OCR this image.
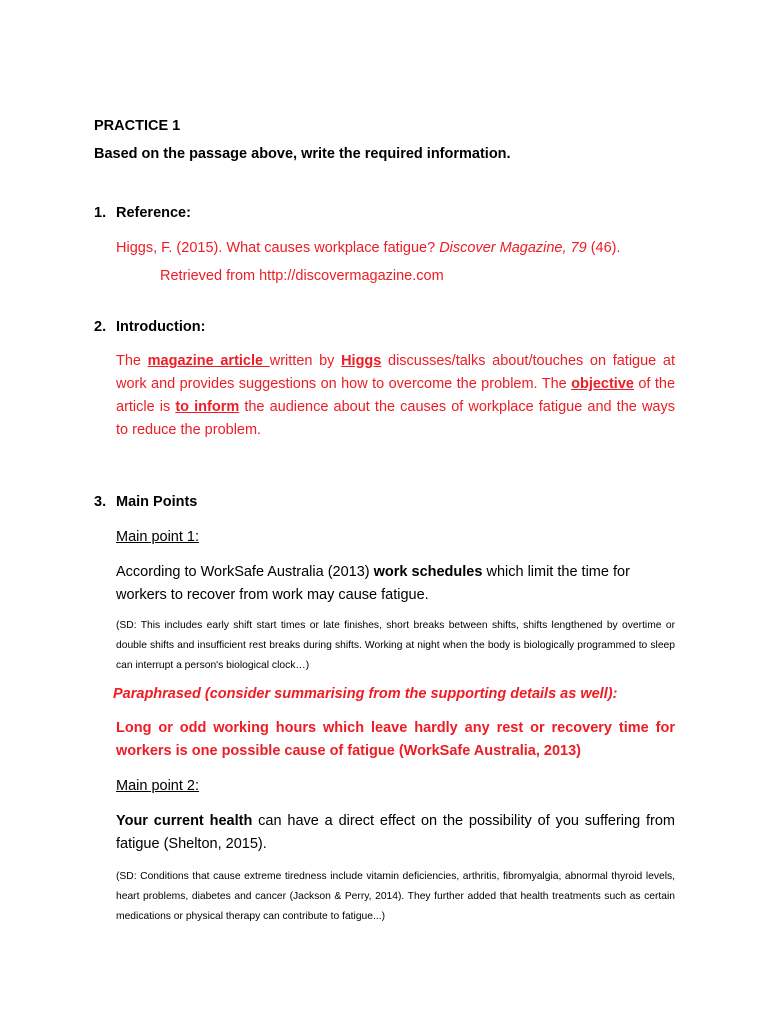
PRACTICE 1
Based on the passage above, write the required information.
1. Reference:
Higgs, F. (2015). What causes workplace fatigue? Discover Magazine, 79 (46).
Retrieved from http://discovermagazine.com
2. Introduction:
The magazine article written by Higgs discusses/talks about/touches on fatigue at work and provides suggestions on how to overcome the problem. The objective of the article is to inform the audience about the causes of workplace fatigue and the ways to reduce the problem.
3. Main Points
Main point 1:
According to WorkSafe Australia (2013) work schedules which limit the time for workers to recover from work may cause fatigue.
(SD: This includes early shift start times or late finishes, short breaks between shifts, shifts lengthened by overtime or double shifts and insufficient rest breaks during shifts. Working at night when the body is biologically programmed to sleep can interrupt a person's biological clock…)
Paraphrased (consider summarising from the supporting details as well):
Long or odd working hours which leave hardly any rest or recovery time for workers is one possible cause of fatigue (WorkSafe Australia, 2013)
Main point 2:
Your current health can have a direct effect on the possibility of you suffering from fatigue (Shelton, 2015).
(SD: Conditions that cause extreme tiredness include vitamin deficiencies, arthritis, fibromyalgia, abnormal thyroid levels, heart problems, diabetes and cancer (Jackson & Perry, 2014). They further added that health treatments such as certain medications or physical therapy can contribute to fatigue...)
